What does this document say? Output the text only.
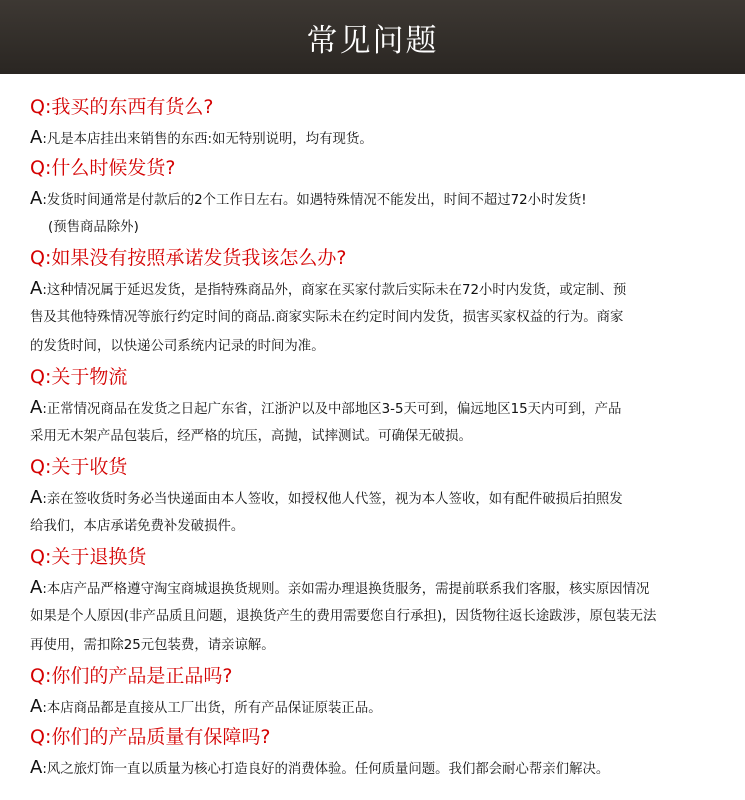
常见问题
Q:我买的东西有货么?
A:凡是本店挂出来销售的东西:如无特别说明，均有现货。
Q:什么时候发货?
A:发货时间通常是付款后的2个工作日左右。如遇特殊情况不能发出，时间不超过72小时发货!
(预售商品除外)
Q:如果没有按照承诺发货我该怎么办?
A:这种情况属于延迟发货，是指特殊商品外，商家在买家付款后实际未在72小时内发货，或定制、预
售及其他特殊情况等旅行约定时间的商品.商家实际未在约定时间内发货，损害买家权益的行为。商家
的发货时间，以快递公司系统内记录的时间为准。
Q:关于物流
A:正常情况商品在发货之日起广东省，江浙沪以及中部地区3-5天可到，偏远地区15天内可到，产品
采用无木架产品包装后，经严格的坑压，高抛，试摔测试。可确保无破损。
Q:关于收货
A:亲在签收货时务必当快递面由本人签收，如授权他人代签，视为本人签收，如有配件破损后拍照发
给我们，本店承诺免费补发破损件。
Q:关于退换货
A:本店产品严格遵守淘宝商城退换货规则。亲如需办理退换货服务，需提前联系我们客服，核实原因情况
如果是个人原因(非产品质且问题，退换货产生的费用需要您自行承担)，因货物往返长途跋涉，原包装无法
再使用，需扣除25元包装费，请亲谅解。
Q:你们的产品是正品吗?
A:本店商品都是直接从工厂出货，所有产品保证原装正品。
Q:你们的产品质量有保障吗?
A:风之旅灯饰一直以质量为核心打造良好的消费体验。任何质量问题。我们都会耐心帮亲们解决。
